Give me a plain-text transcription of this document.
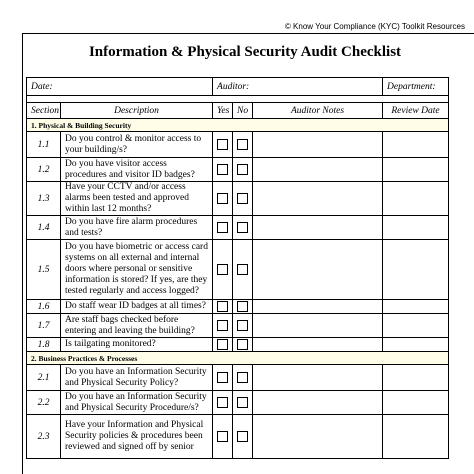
© Know Your Compliance (KYC) Toolkit Resources
Information & Physical Security Audit Checklist
Date:		Auditor:			Department:

Section	Description	Yes	No	Auditor Notes	Review Date
1. Physical & Building Security					
1.1	Do you control & monitor access to your building/s?				
1.2	Do you have visitor access procedures and visitor ID badges?				
1.3	Have your CCTV and/or access alarms been tested and approved within last 12 months?				
1.4	Do you have fire alarm procedures and tests?				
1.5	Do you have biometric or access card systems on all external and internal doors where personal or sensitive information is stored? If yes, are they tested regularly and access logged?				
1.6	Do staff wear ID badges at all times?				
1.7	Are staff bags checked before entering and leaving the building?				
1.8	Is tailgating monitored?				
2. Business Practices & Processes					
2.1	Do you have an Information Security and Physical Security Policy?				
2.2	Do you have an Information Security and Physical Security Procedure/s?				
2.3	Have your Information and Physical Security policies & procedures been reviewed and signed off by senior				
